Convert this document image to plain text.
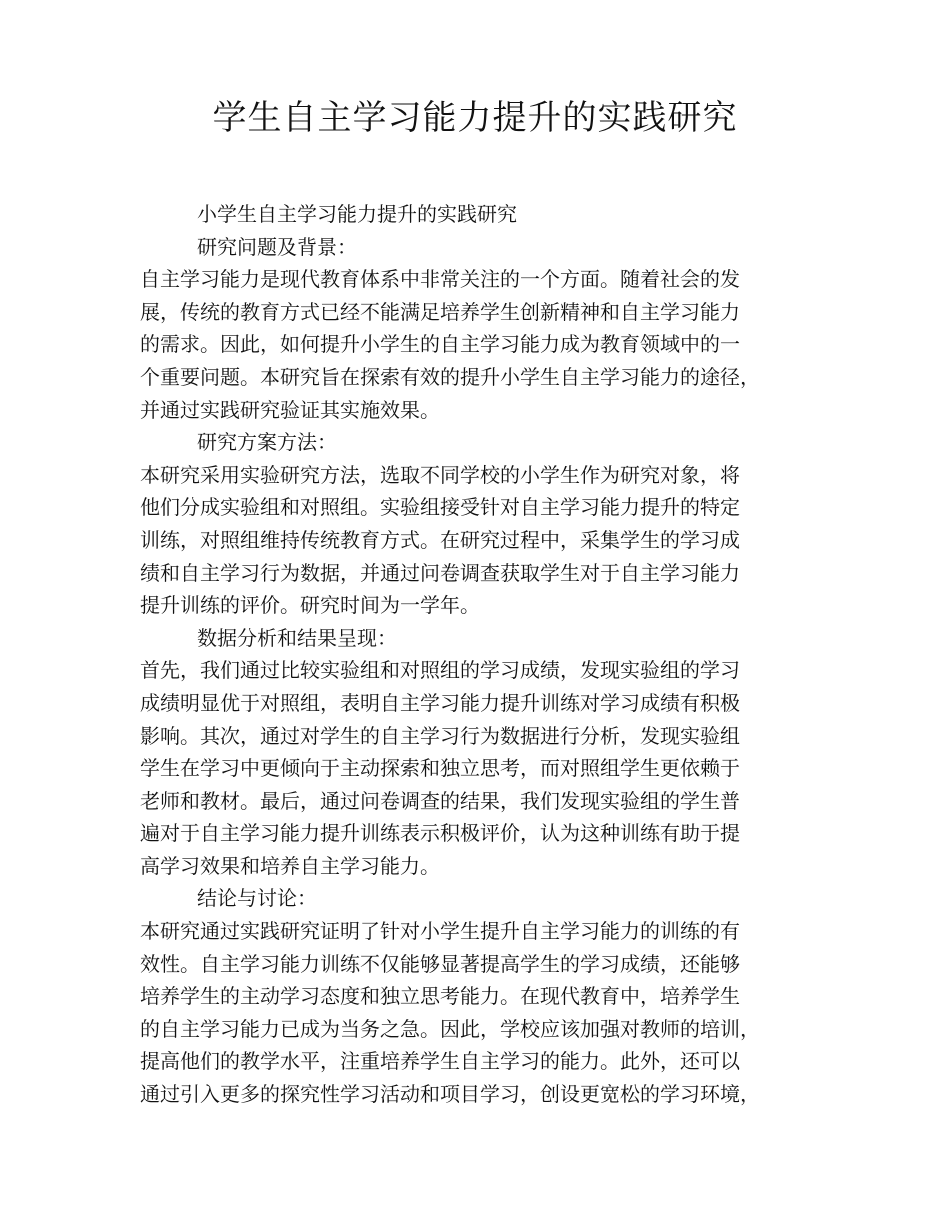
学生自主学习能力提升的实践研究
小学生自主学习能力提升的实践研究
研究问题及背景：
自主学习能力是现代教育体系中非常关注的一个方面。随着社会的发
展，传统的教育方式已经不能满足培养学生创新精神和自主学习能力
的需求。因此，如何提升小学生的自主学习能力成为教育领域中的一
个重要问题。本研究旨在探索有效的提升小学生自主学习能力的途径，
并通过实践研究验证其实施效果。
研究方案方法：
本研究采用实验研究方法，选取不同学校的小学生作为研究对象，将
他们分成实验组和对照组。实验组接受针对自主学习能力提升的特定
训练，对照组维持传统教育方式。在研究过程中，采集学生的学习成
绩和自主学习行为数据，并通过问卷调查获取学生对于自主学习能力
提升训练的评价。研究时间为一学年。
数据分析和结果呈现：
首先，我们通过比较实验组和对照组的学习成绩，发现实验组的学习
成绩明显优于对照组，表明自主学习能力提升训练对学习成绩有积极
影响。其次，通过对学生的自主学习行为数据进行分析，发现实验组
学生在学习中更倾向于主动探索和独立思考，而对照组学生更依赖于
老师和教材。最后，通过问卷调查的结果，我们发现实验组的学生普
遍对于自主学习能力提升训练表示积极评价，认为这种训练有助于提
高学习效果和培养自主学习能力。
结论与讨论：
本研究通过实践研究证明了针对小学生提升自主学习能力的训练的有
效性。自主学习能力训练不仅能够显著提高学生的学习成绩，还能够
培养学生的主动学习态度和独立思考能力。在现代教育中，培养学生
的自主学习能力已成为当务之急。因此，学校应该加强对教师的培训，
提高他们的教学水平，注重培养学生自主学习的能力。此外，还可以
通过引入更多的探究性学习活动和项目学习，创设更宽松的学习环境，
